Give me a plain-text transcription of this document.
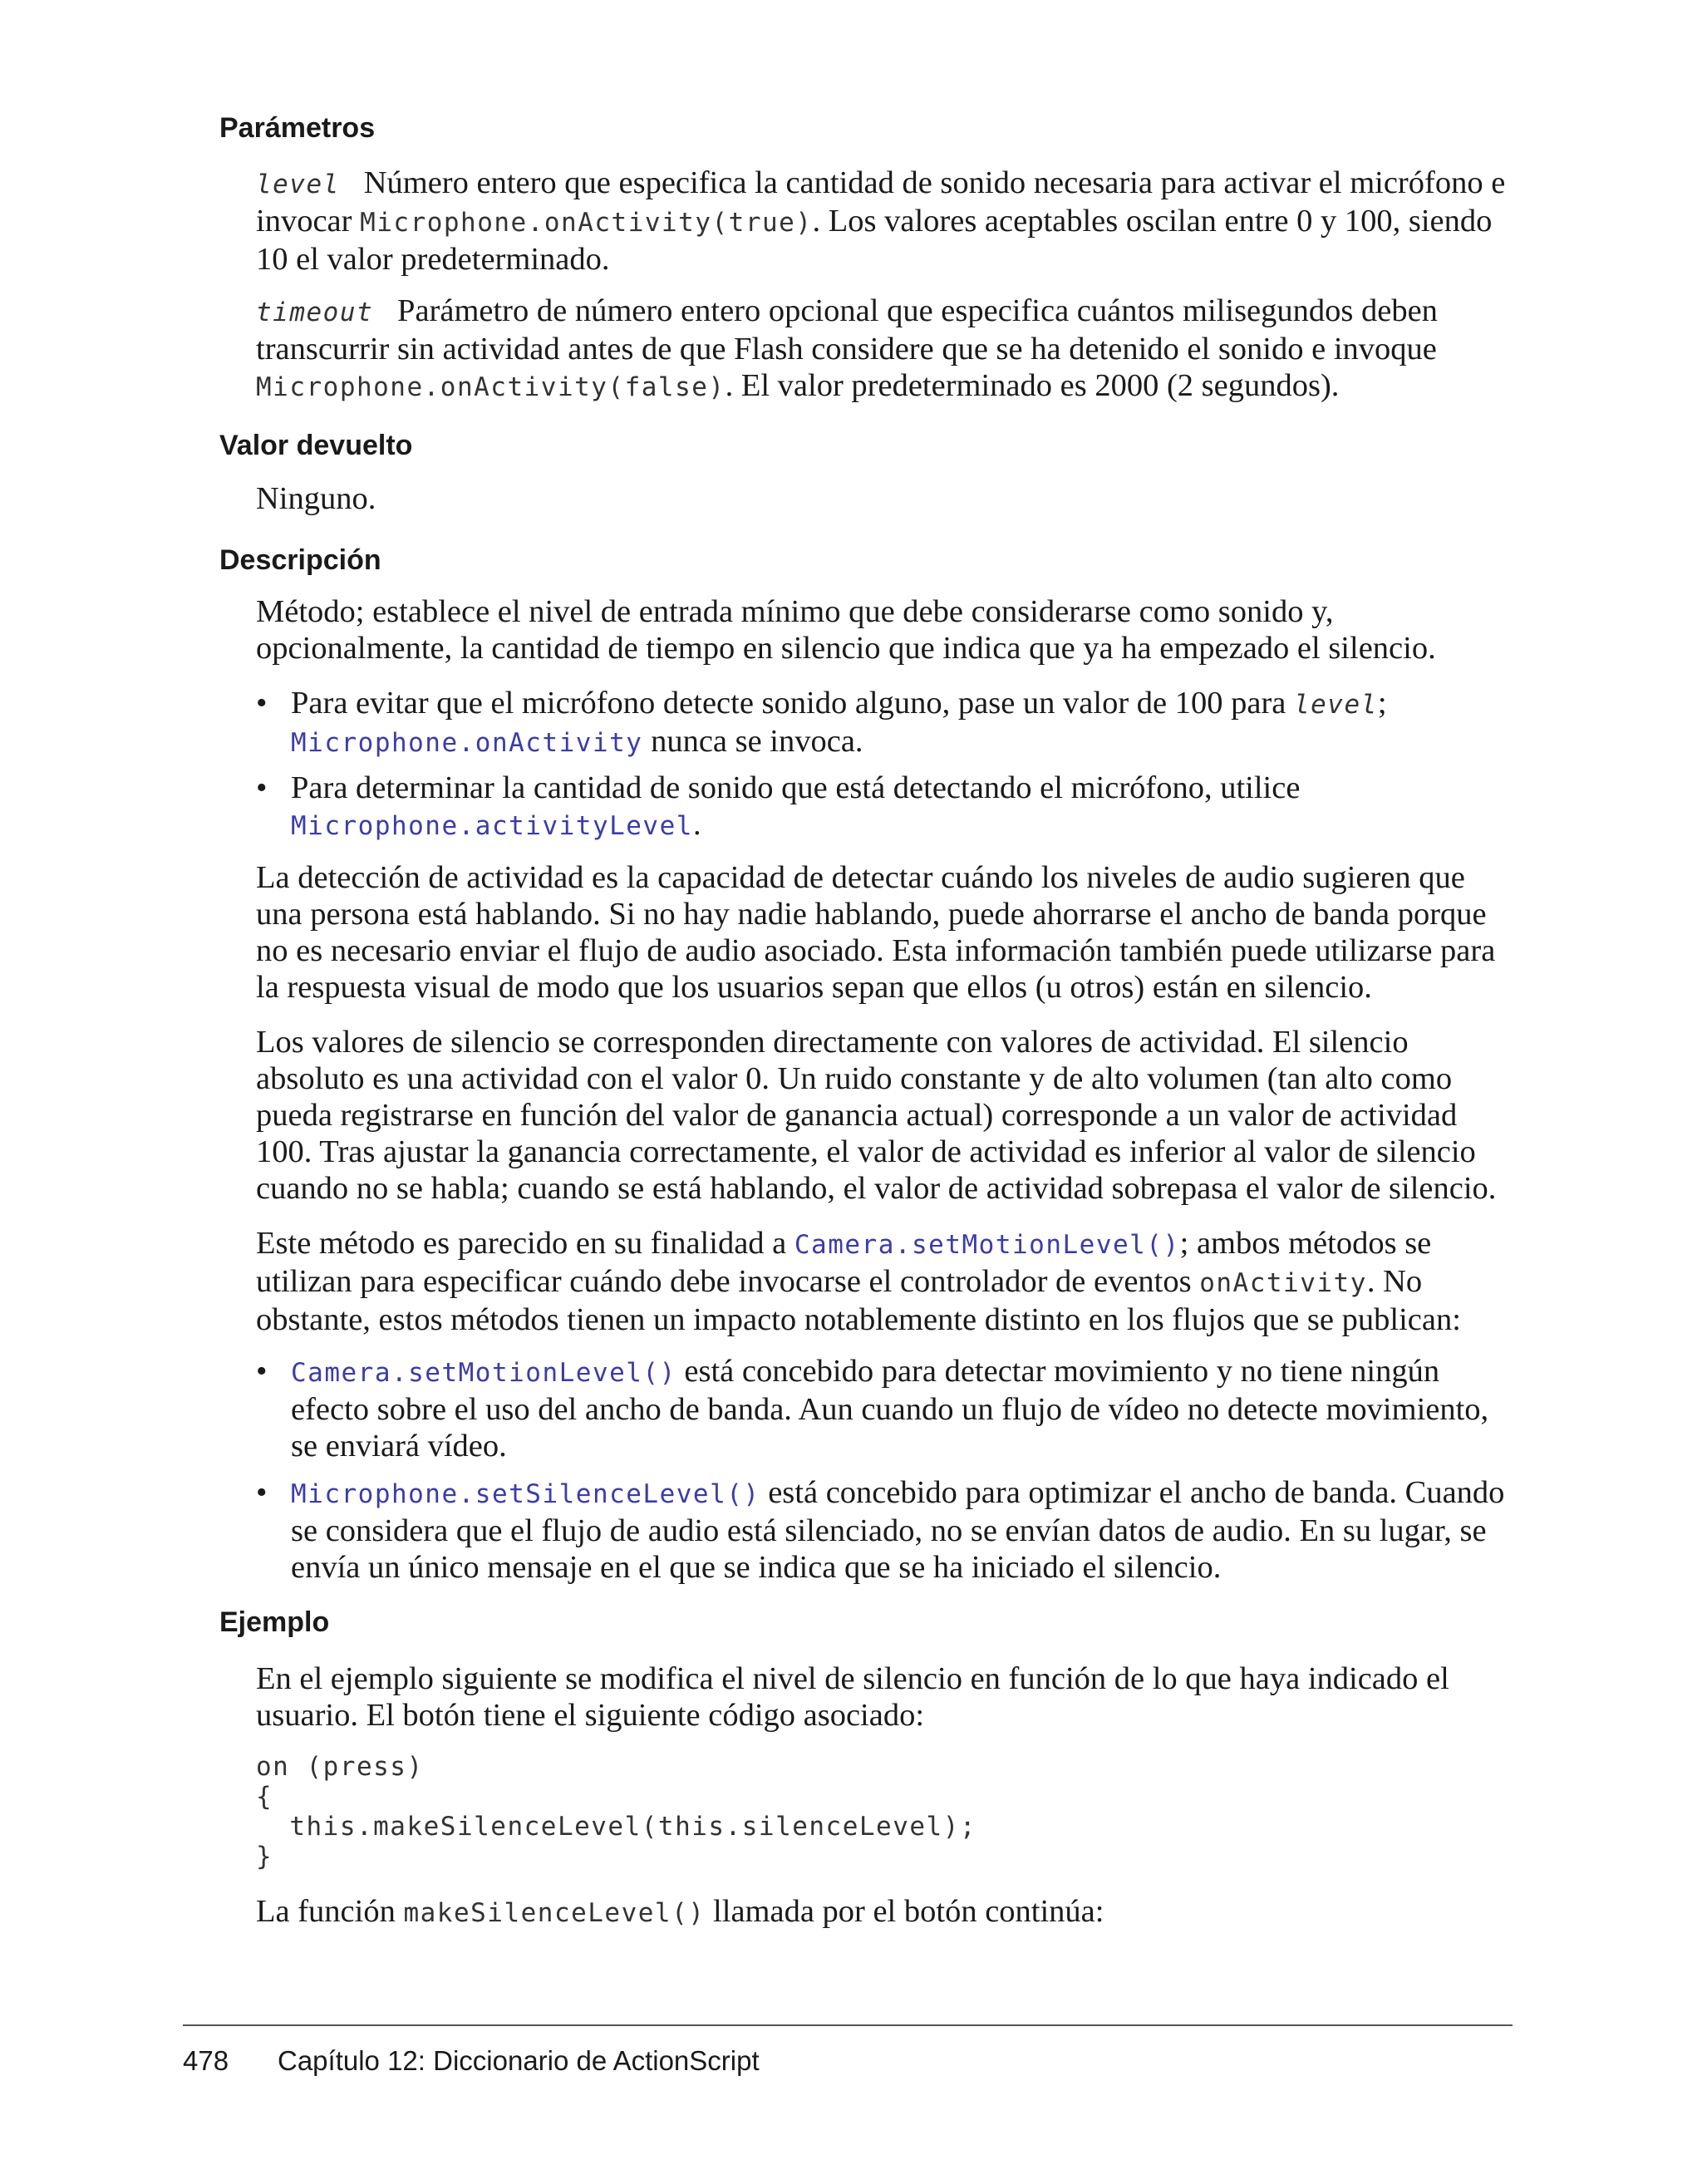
Parámetros

level Número entero que especifica la cantidad de sonido necesaria para activar el micrófono e invocar Microphone.onActivity(true). Los valores aceptables oscilan entre 0 y 100, siendo 10 el valor predeterminado.

timeout Parámetro de número entero opcional que especifica cuántos milisegundos deben transcurrir sin actividad antes de que Flash considere que se ha detenido el sonido e invoque Microphone.onActivity(false). El valor predeterminado es 2000 (2 segundos).

Valor devuelto

Ninguno.

Descripción

Método; establece el nivel de entrada mínimo que debe considerarse como sonido y, opcionalmente, la cantidad de tiempo en silencio que indica que ya ha empezado el silencio.

• Para evitar que el micrófono detecte sonido alguno, pase un valor de 100 para level; Microphone.onActivity nunca se invoca.
• Para determinar la cantidad de sonido que está detectando el micrófono, utilice Microphone.activityLevel.

La detección de actividad es la capacidad de detectar cuándo los niveles de audio sugieren que una persona está hablando. Si no hay nadie hablando, puede ahorrarse el ancho de banda porque no es necesario enviar el flujo de audio asociado. Esta información también puede utilizarse para la respuesta visual de modo que los usuarios sepan que ellos (u otros) están en silencio.

Los valores de silencio se corresponden directamente con valores de actividad. El silencio absoluto es una actividad con el valor 0. Un ruido constante y de alto volumen (tan alto como pueda registrarse en función del valor de ganancia actual) corresponde a un valor de actividad 100. Tras ajustar la ganancia correctamente, el valor de actividad es inferior al valor de silencio cuando no se habla; cuando se está hablando, el valor de actividad sobrepasa el valor de silencio.

Este método es parecido en su finalidad a Camera.setMotionLevel(); ambos métodos se utilizan para especificar cuándo debe invocarse el controlador de eventos onActivity. No obstante, estos métodos tienen un impacto notablemente distinto en los flujos que se publican:

• Camera.setMotionLevel() está concebido para detectar movimiento y no tiene ningún efecto sobre el uso del ancho de banda. Aun cuando un flujo de vídeo no detecte movimiento, se enviará vídeo.
• Microphone.setSilenceLevel() está concebido para optimizar el ancho de banda. Cuando se considera que el flujo de audio está silenciado, no se envían datos de audio. En su lugar, se envía un único mensaje en el que se indica que se ha iniciado el silencio.
Ejemplo

En el ejemplo siguiente se modifica el nivel de silencio en función de lo que haya indicado el usuario. El botón tiene el siguiente código asociado:

on (press)
{
this.makeSilenceLevel(this.silenceLevel);
}

La función makeSilenceLevel() llamada por el botón continúa:

478 Capítulo 12: Diccionario de ActionScript
